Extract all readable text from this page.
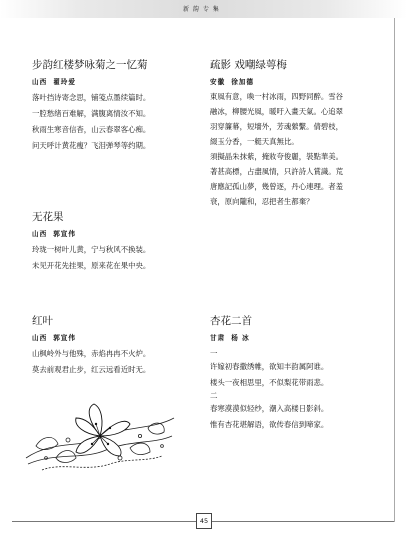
新 韵 专 集
步韵红楼梦咏菊之一忆菊
山西 翟玲爱
落叶挡诗寄念思，铺笺点墨续篇时。
一腔愁绪百难解，满腹离情汝不知。
秋雨生寒音信杳，山云春翠客心痴。
问天呼计黄花瘦？飞泪弹琴等约期。
疏影 戏嘲绿萼梅
安徽 徐加德
東風有意，喚一村冰雨，四野同醉。雪谷
融冰，柳腰光風，暖吁入畫天氣。心追翠
羽穿簾幕，短墻外，芳魂縈繫。倩碧枝，
綴玉分香，一艇天真無比。
須擬晶朱抹紫，掩妝夸俊麗，裝點華美。
著甚高標，占盡風情，只許詩人賞識。荒
唐應記孤山夢，幾曾逐，丹心連理。者羞
衰，原向隴和，忍把者生都棄？
无花果
山西 郭宣伟
玲珑一树叶儿黄，宁与秋风不换装。
未见开花先挂果，原来花在果中央。
红叶
山西 郭宣伟
山枫岭外与他殊，赤焰冉冉不火炉。
莫去前观君止步，红云远看近时无。
杏花二首
甘肃 杨 冰
一
许嫁初春撒绣帷，欲知丰韵属阿谁。
楼头一夜相思里，不似梨花带雨悲。
二
春寒漠漠似轻纱，潮入高楼日影斜。
惟有杏花堪解语，欲传春信到啼家。
45
